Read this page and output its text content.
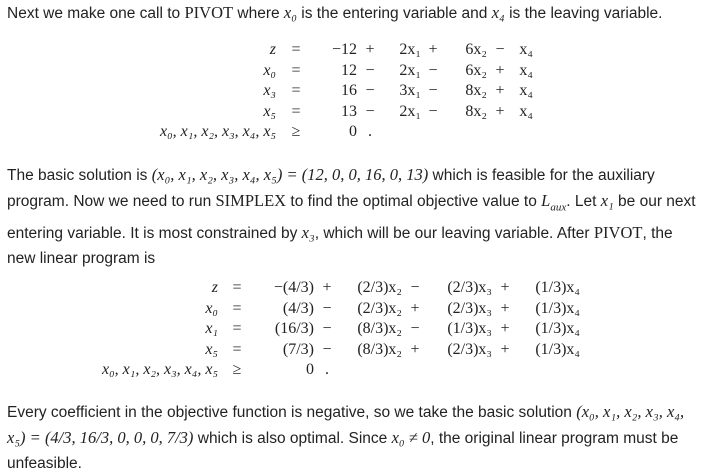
Next we make one call to PIVOT where x₀ is the entering variable and x₄ is the leaving variable.

z	=	−12	+	2x₁	+	6x₂	−	x₄
x₀	=	12	−	2x₁	−	6x₂	+	x₄
x₃	=	16	−	3x₁	−	8x₂	+	x₄
x₅	=	13	−	2x₁	−	8x₂	+	x₄
x₀, x₁, x₂, x₃, x₄, x₅	≥	0	.					

The basic solution is (x₀, x₁, x₂, x₃, x₄, x₅) = (12, 0, 0, 16, 0, 13) which is feasible for the auxiliary program. Now we need to run SIMPLEX to find the optimal objective value to $L_{aux}$. Let x₁ be our next entering variable. It is most constrained by x₃, which will be our leaving variable. After PIVOT, the new linear program is

z	=	−(4/3)	+	(2/3)x₂	−	(2/3)x₃	+	(1/3)x₄
x₀	=	(4/3)	−	(2/3)x₂	+	(2/3)x₃	+	(1/3)x₄
x₁	=	(16/3)	−	(8/3)x₂	−	(1/3)x₃	+	(1/3)x₄
x₅	=	(7/3)	−	(8/3)x₂	+	(2/3)x₃	+	(1/3)x₄
x₀, x₁, x₂, x₃, x₄, x₅	≥	0	.					

Every coefficient in the objective function is negative, so we take the basic solution (x₀, x₁, x₂, x₃, x₄, x₅) = (4/3, 16/3, 0, 0, 0, 7/3) which is also optimal. Since x₀ ≠ 0, the original linear program must be unfeasible.
